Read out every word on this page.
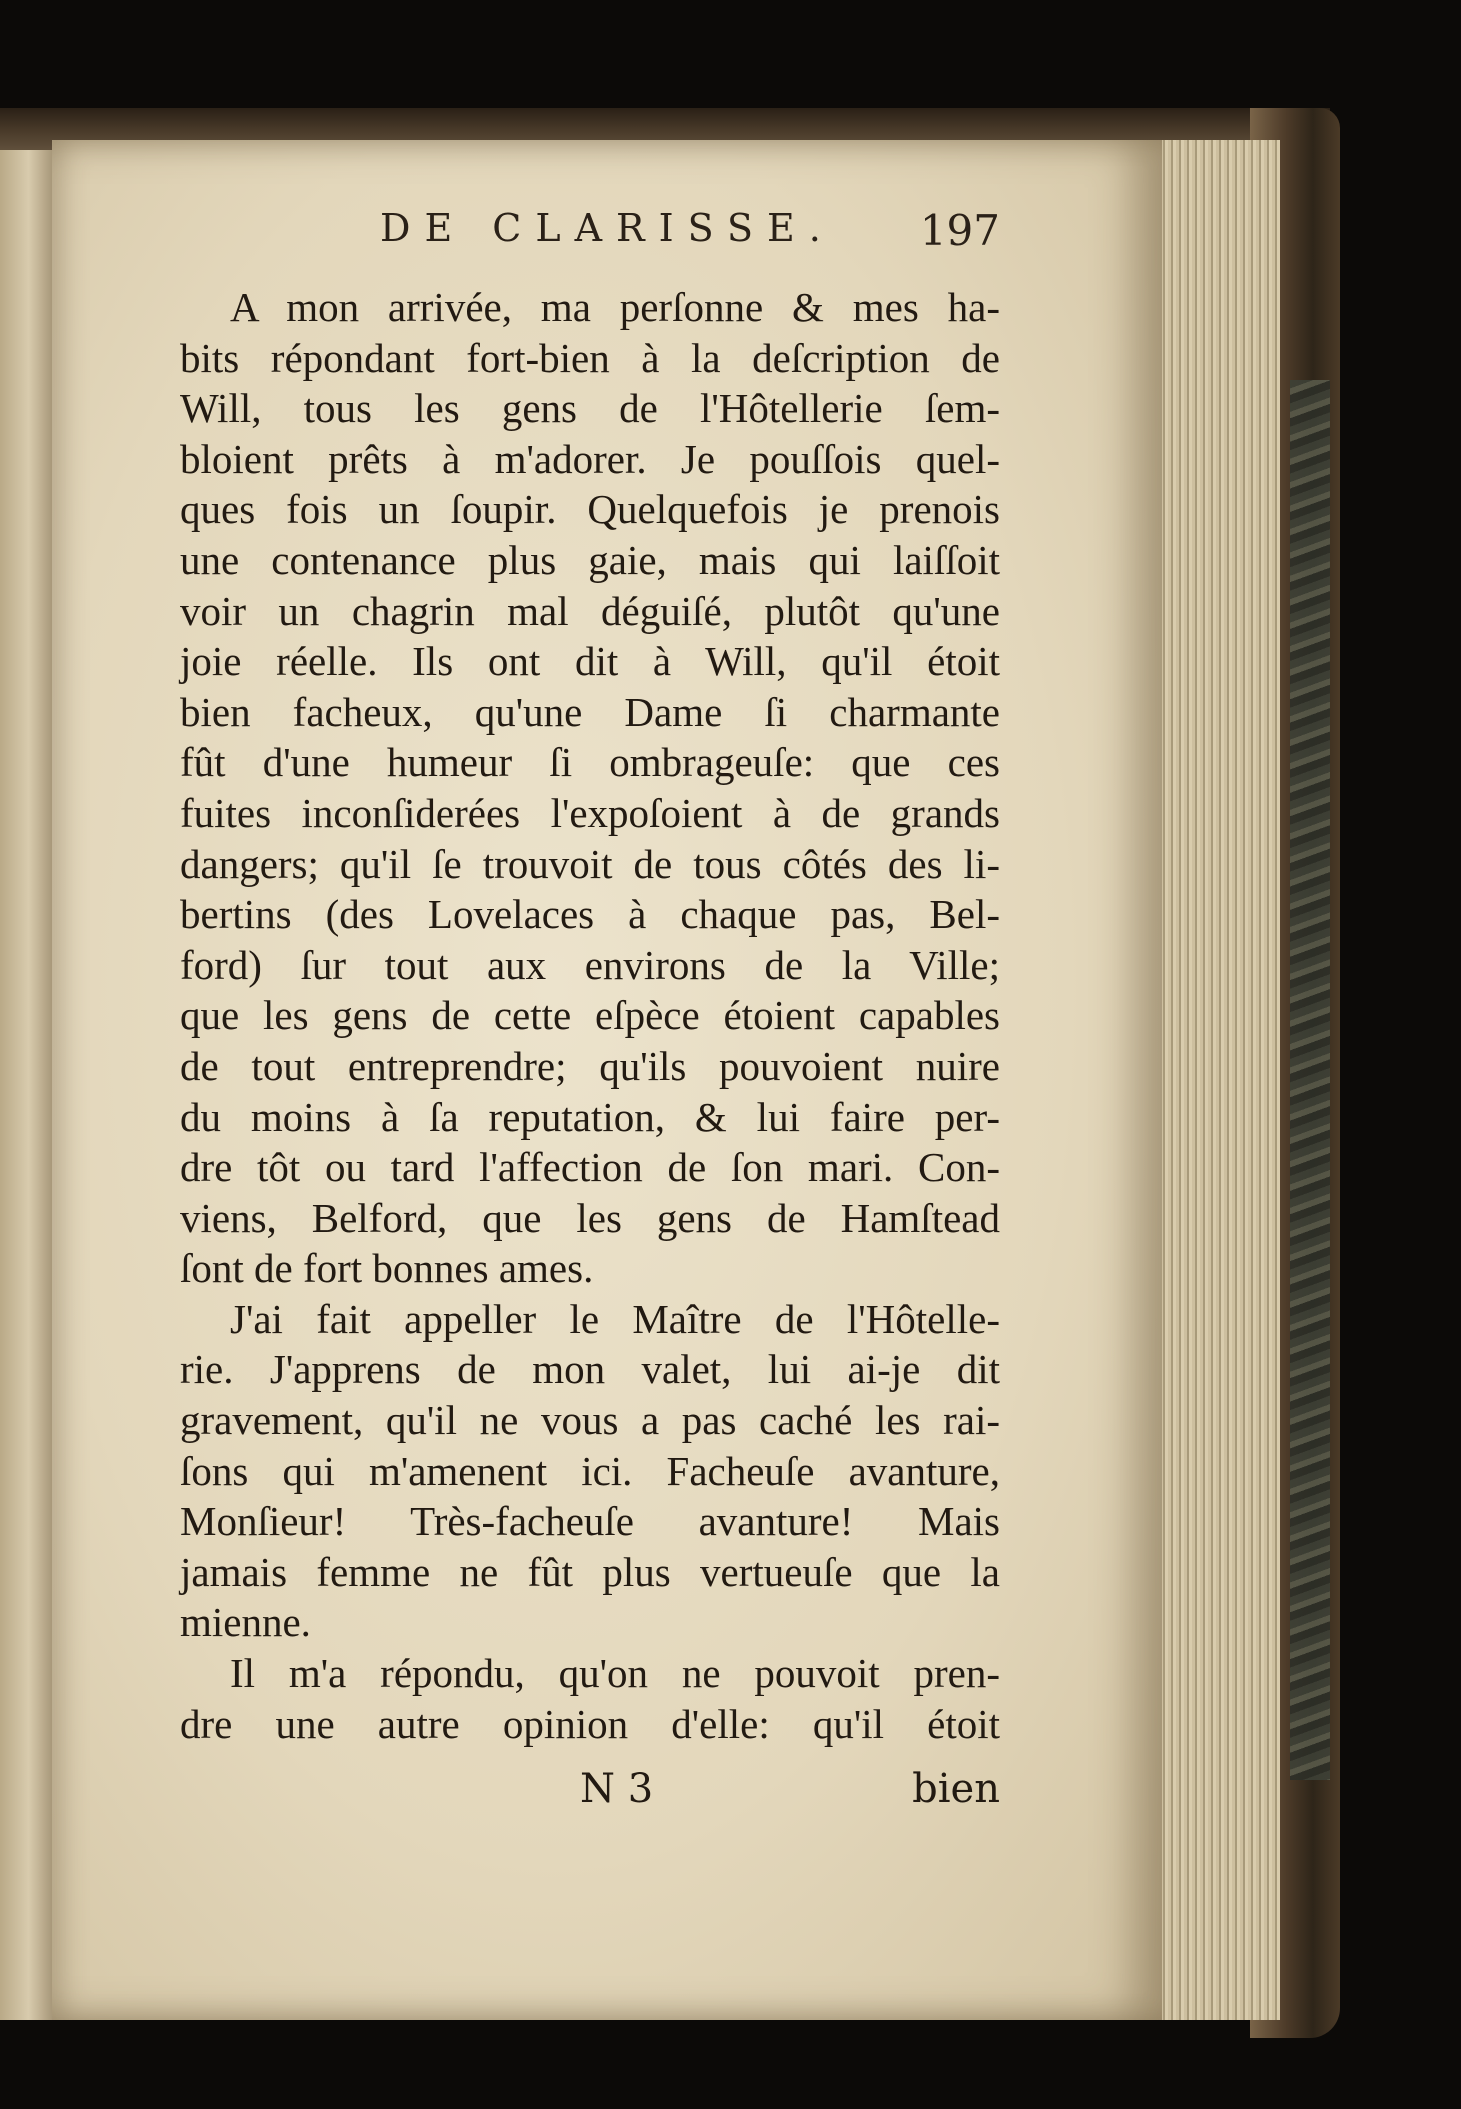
DE CLARISSE. 197
A mon arrivée, ma perſonne & mes ha-
bits répondant fort-bien à la deſcription de
Will, tous les gens de l'Hôtellerie ſem-
bloient prêts à m'adorer. Je pouſſois quel-
ques fois un ſoupir. Quelquefois je prenois
une contenance plus gaie, mais qui laiſſoit
voir un chagrin mal déguiſé, plutôt qu'une
joie réelle. Ils ont dit à Will, qu'il étoit
bien facheux, qu'une Dame ſi charmante
fût d'une humeur ſi ombrageuſe: que ces
fuites inconſiderées l'expoſoient à de grands
dangers; qu'il ſe trouvoit de tous côtés des li-
bertins (des Lovelaces à chaque pas, Bel-
ford) ſur tout aux environs de la Ville;
que les gens de cette eſpèce étoient capables
de tout entreprendre; qu'ils pouvoient nuire
du moins à ſa reputation, & lui faire per-
dre tôt ou tard l'affection de ſon mari. Con-
viens, Belford, que les gens de Hamſtead
ſont de fort bonnes ames.
J'ai fait appeller le Maître de l'Hôtelle-
rie. J'apprens de mon valet, lui ai-je dit
gravement, qu'il ne vous a pas caché les rai-
ſons qui m'amenent ici. Facheuſe avanture,
Monſieur! Très-facheuſe avanture! Mais
jamais femme ne fût plus vertueuſe que la
mienne.
Il m'a répondu, qu'on ne pouvoit pren-
dre une autre opinion d'elle: qu'il étoit
N 3	bien
